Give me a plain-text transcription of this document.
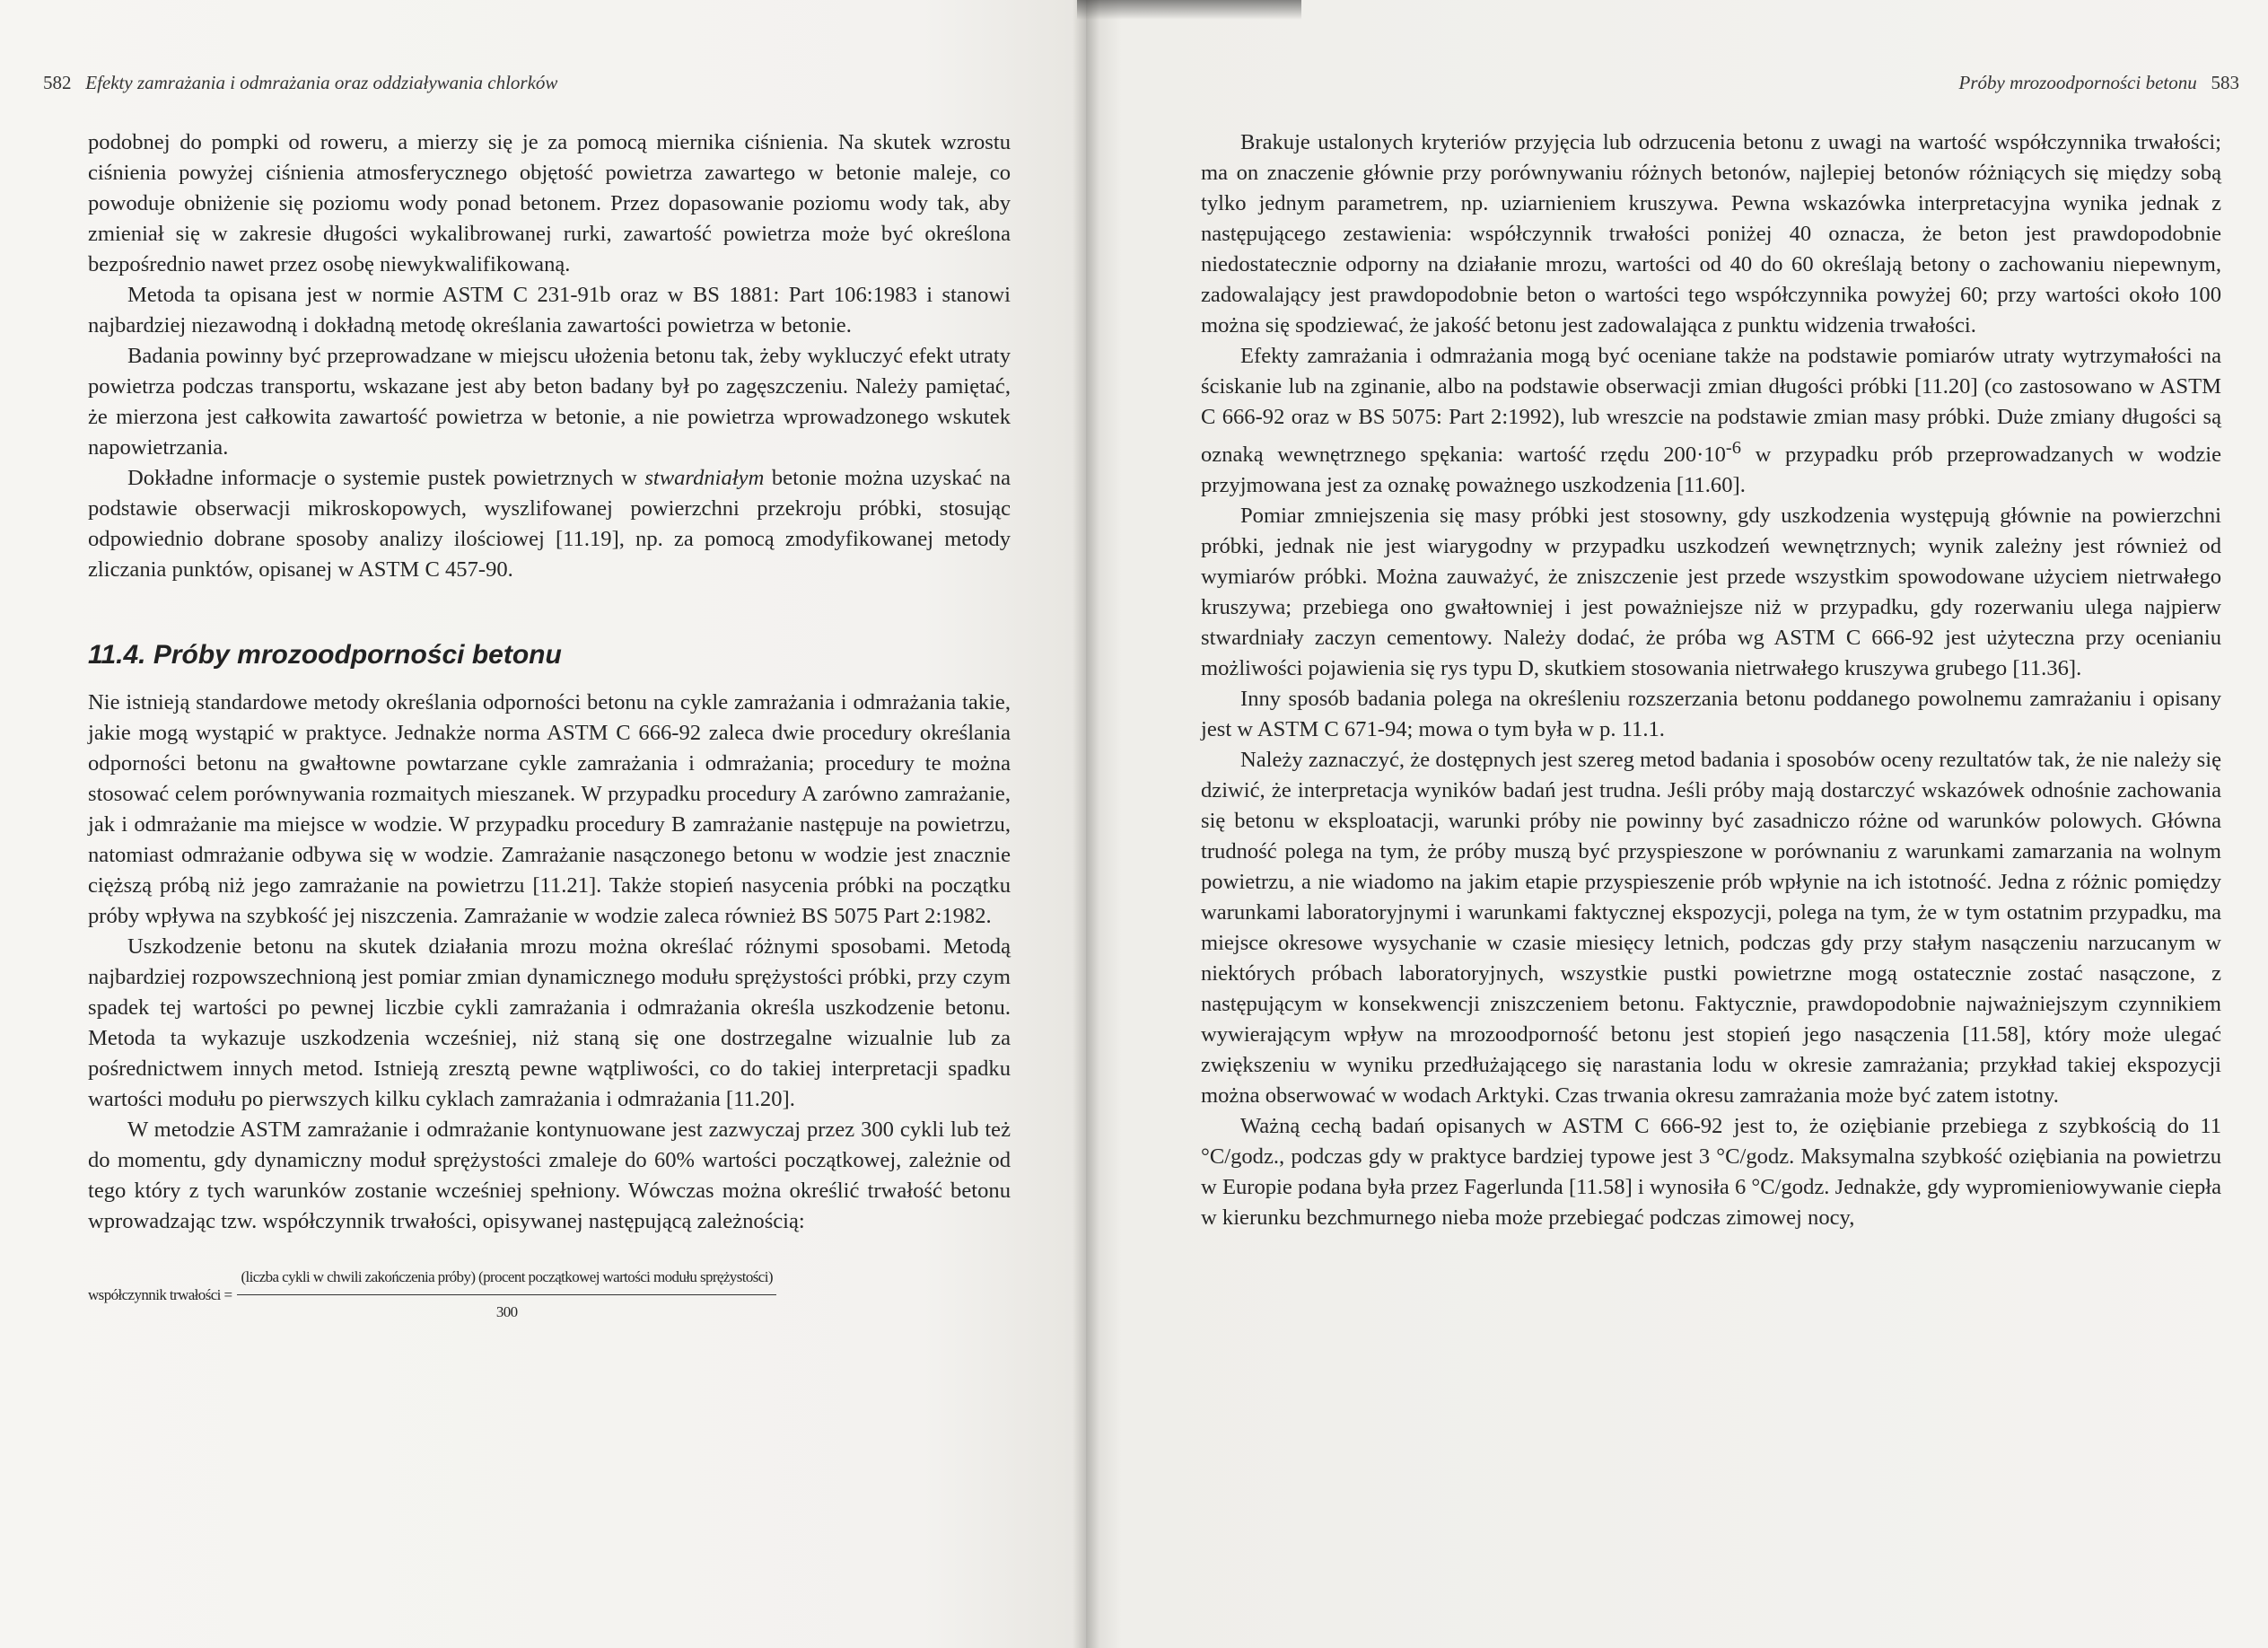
582 Efekty zamrażania i odmrażania oraz oddziaływania chlorków

podobnej do pompki od roweru, a mierzy się je za pomocą miernika ciśnienia. Na skutek wzrostu ciśnienia powyżej ciśnienia atmosferycznego objętość powietrza zawartego w betonie maleje, co powoduje obniżenie się poziomu wody ponad betonem. Przez dopasowanie poziomu wody tak, aby zmieniał się w zakresie długości wykalibrowanej rurki, zawartość powietrza może być określona bezpośrednio nawet przez osobę niewykwalifikowaną.

Metoda ta opisana jest w normie ASTM C 231-91b oraz w BS 1881: Part 106:1983 i stanowi najbardziej niezawodną i dokładną metodę określania zawartości powietrza w betonie.

Badania powinny być przeprowadzane w miejscu ułożenia betonu tak, żeby wykluczyć efekt utraty powietrza podczas transportu, wskazane jest aby beton badany był po zagęszczeniu. Należy pamiętać, że mierzona jest całkowita zawartość powietrza w betonie, a nie powietrza wprowadzonego wskutek napowietrzania.

Dokładne informacje o systemie pustek powietrznych w stwardniałym betonie można uzyskać na podstawie obserwacji mikroskopowych, wyszlifowanej powierzchni przekroju próbki, stosując odpowiednio dobrane sposoby analizy ilościowej [11.19], np. za pomocą zmodyfikowanej metody zliczania punktów, opisanej w ASTM C 457-90.

11.4. Próby mrozoodporności betonu

Nie istnieją standardowe metody określania odporności betonu na cykle zamrażania i odmrażania takie, jakie mogą wystąpić w praktyce. Jednakże norma ASTM C 666-92 zaleca dwie procedury określania odporności betonu na gwałtowne powtarzane cykle zamrażania i odmrażania; procedury te można stosować celem porównywania rozmaitych mieszanek. W przypadku procedury A zarówno zamrażanie, jak i odmrażanie ma miejsce w wodzie. W przypadku procedury B zamrażanie następuje na powietrzu, natomiast odmrażanie odbywa się w wodzie. Zamrażanie nasączonego betonu w wodzie jest znacznie cięższą próbą niż jego zamrażanie na powietrzu [11.21]. Także stopień nasycenia próbki na początku próby wpływa na szybkość jej niszczenia. Zamrażanie w wodzie zaleca również BS 5075 Part 2:1982.

Uszkodzenie betonu na skutek działania mrozu można określać różnymi sposobami. Metodą najbardziej rozpowszechnioną jest pomiar zmian dynamicznego modułu sprężystości próbki, przy czym spadek tej wartości po pewnej liczbie cykli zamrażania i odmrażania określa uszkodzenie betonu. Metoda ta wykazuje uszkodzenia wcześniej, niż staną się one dostrzegalne wizualnie lub za pośrednictwem innych metod. Istnieją zresztą pewne wątpliwości, co do takiej interpretacji spadku wartości modułu po pierwszych kilku cyklach zamrażania i odmrażania [11.20].

W metodzie ASTM zamrażanie i odmrażanie kontynuowane jest zazwyczaj przez 300 cykli lub też do momentu, gdy dynamiczny moduł sprężystości zmaleje do 60% wartości początkowej, zależnie od tego który z tych warunków zostanie wcześniej spełniony. Wówczas można określić trwałość betonu wprowadzając tzw. współczynnik trwałości, opisywanej następującą zależnością:

współczynnik trwałości =
(liczba cykli w chwili zakończenia próby) (procent początkowej wartości modułu sprężystości)
300
Próby mrozoodporności betonu 583

Brakuje ustalonych kryteriów przyjęcia lub odrzucenia betonu z uwagi na wartość współczynnika trwałości; ma on znaczenie głównie przy porównywaniu różnych betonów, najlepiej betonów różniących się między sobą tylko jednym parametrem, np. uziarnieniem kruszywa. Pewna wskazówka interpretacyjna wynika jednak z następującego zestawienia: współczynnik trwałości poniżej 40 oznacza, że beton jest prawdopodobnie niedostatecznie odporny na działanie mrozu, wartości od 40 do 60 określają betony o zachowaniu niepewnym, zadowalający jest prawdopodobnie beton o wartości tego współczynnika powyżej 60; przy wartości około 100 można się spodziewać, że jakość betonu jest zadowalająca z punktu widzenia trwałości.

Efekty zamrażania i odmrażania mogą być oceniane także na podstawie pomiarów utraty wytrzymałości na ściskanie lub na zginanie, albo na podstawie obserwacji zmian długości próbki [11.20] (co zastosowano w ASTM C 666-92 oraz w BS 5075: Part 2:1992), lub wreszcie na podstawie zmian masy próbki. Duże zmiany długości są oznaką wewnętrznego spękania: wartość rzędu $200\cdot 10^{-6}$ w przypadku prób przeprowadzanych w wodzie przyjmowana jest za oznakę poważnego uszkodzenia [11.60].

Pomiar zmniejszenia się masy próbki jest stosowny, gdy uszkodzenia występują głównie na powierzchni próbki, jednak nie jest wiarygodny w przypadku uszkodzeń wewnętrznych; wynik zależny jest również od wymiarów próbki. Można zauważyć, że zniszczenie jest przede wszystkim spowodowane użyciem nietrwałego kruszywa; przebiega ono gwałtowniej i jest poważniejsze niż w przypadku, gdy rozerwaniu ulega najpierw stwardniały zaczyn cementowy. Należy dodać, że próba wg ASTM C 666-92 jest użyteczna przy ocenianiu możliwości pojawienia się rys typu D, skutkiem stosowania nietrwałego kruszywa grubego [11.36].

Inny sposób badania polega na określeniu rozszerzania betonu poddanego powolnemu zamrażaniu i opisany jest w ASTM C 671-94; mowa o tym była w p. 11.1.

Należy zaznaczyć, że dostępnych jest szereg metod badania i sposobów oceny rezultatów tak, że nie należy się dziwić, że interpretacja wyników badań jest trudna. Jeśli próby mają dostarczyć wskazówek odnośnie zachowania się betonu w eksploatacji, warunki próby nie powinny być zasadniczo różne od warunków polowych. Główna trudność polega na tym, że próby muszą być przyspieszone w porównaniu z warunkami zamarzania na wolnym powietrzu, a nie wiadomo na jakim etapie przyspieszenie prób wpłynie na ich istotność. Jedna z różnic pomiędzy warunkami laboratoryjnymi i warunkami faktycznej ekspozycji, polega na tym, że w tym ostatnim przypadku, ma miejsce okresowe wysychanie w czasie miesięcy letnich, podczas gdy przy stałym nasączeniu narzucanym w niektórych próbach laboratoryjnych, wszystkie pustki powietrzne mogą ostatecznie zostać nasączone, z następującym w konsekwencji zniszczeniem betonu. Faktycznie, prawdopodobnie najważniejszym czynnikiem wywierającym wpływ na mrozoodporność betonu jest stopień jego nasączenia [11.58], który może ulegać zwiększeniu w wyniku przedłużającego się narastania lodu w okresie zamrażania; przykład takiej ekspozycji można obserwować w wodach Arktyki. Czas trwania okresu zamrażania może być zatem istotny.

Ważną cechą badań opisanych w ASTM C 666-92 jest to, że oziębianie przebiega z szybkością do 11 °C/godz., podczas gdy w praktyce bardziej typowe jest 3 °C/godz. Maksymalna szybkość oziębiania na powietrzu w Europie podana była przez Fagerlunda [11.58] i wynosiła 6 °C/godz. Jednakże, gdy wypromieniowywanie ciepła w kierunku bezchmurnego nieba może przebiegać podczas zimowej nocy,
